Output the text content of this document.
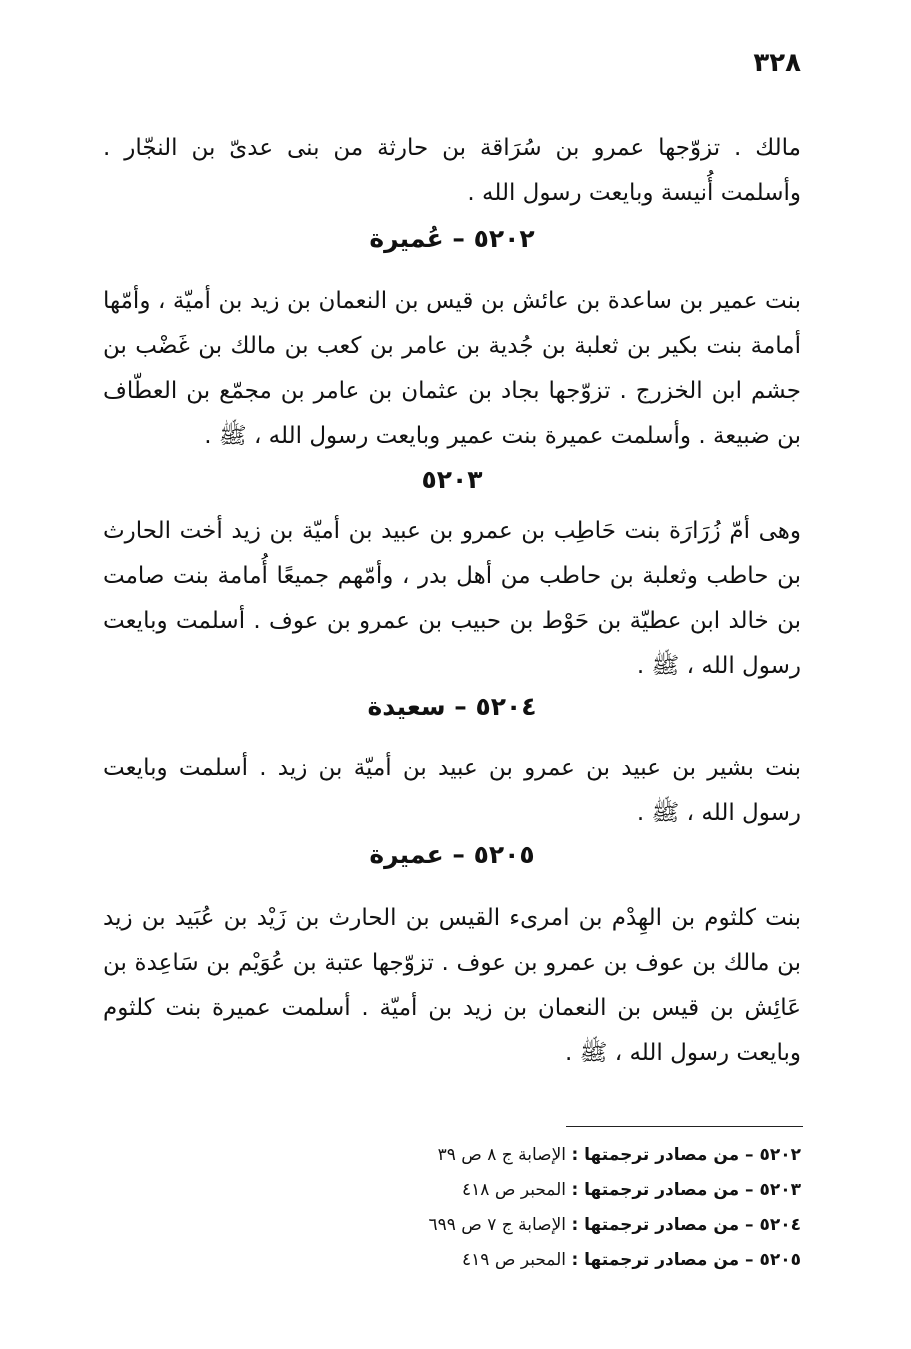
٣٢٨
مالك . تزوّجها عمرو بن سُرَاقة بن حارثة من بنى عدىّ بن النجّار . وأسلمت أُنيسة وبايعت رسول الله .
٥٢٠٢ – عُميرة
بنت عمير بن ساعدة بن عائش بن قيس بن النعمان بن زيد بن أميّة ، وأمّها أمامة بنت بكير بن ثعلبة بن جُدية بن عامر بن كعب بن مالك بن غَضْب بن جشم ابن الخزرج . تزوّجها بجاد بن عثمان بن عامر بن مجمّع بن العطّاف بن ضبيعة . وأسلمت عميرة بنت عمير وبايعت رسول الله ، ﷺ .
٥٢٠٣
وهى أمّ زُرَارَة بنت حَاطِب بن عمرو بن عبيد بن أميّة بن زيد أخت الحارث بن حاطب وثعلبة بن حاطب من أهل بدر ، وأمّهم جميعًا أُمامة بنت صامت بن خالد ابن عطيّة بن حَوْط بن حبيب بن عمرو بن عوف . أسلمت وبايعت رسول الله ، ﷺ .
٥٢٠٤ – سعيدة
بنت بشير بن عبيد بن عمرو بن عبيد بن أميّة بن زيد . أسلمت وبايعت رسول الله ، ﷺ .
٥٢٠٥ – عميرة
بنت كلثوم بن الهِدْم بن امرىء القيس بن الحارث بن زَيْد بن عُبَيد بن زيد بن مالك بن عوف بن عمرو بن عوف . تزوّجها عتبة بن عُوَيْم بن سَاعِدة بن عَائِش بن قيس بن النعمان بن زيد بن أميّة . أسلمت عميرة بنت كلثوم وبايعت رسول الله ، ﷺ .
٥٢٠٢ – من مصادر ترجمتها : الإصابة ج ٨ ص ٣٩
٥٢٠٣ – من مصادر ترجمتها : المحبر ص ٤١٨
٥٢٠٤ – من مصادر ترجمتها : الإصابة ج ٧ ص ٦٩٩
٥٢٠٥ – من مصادر ترجمتها : المحبر ص ٤١٩
